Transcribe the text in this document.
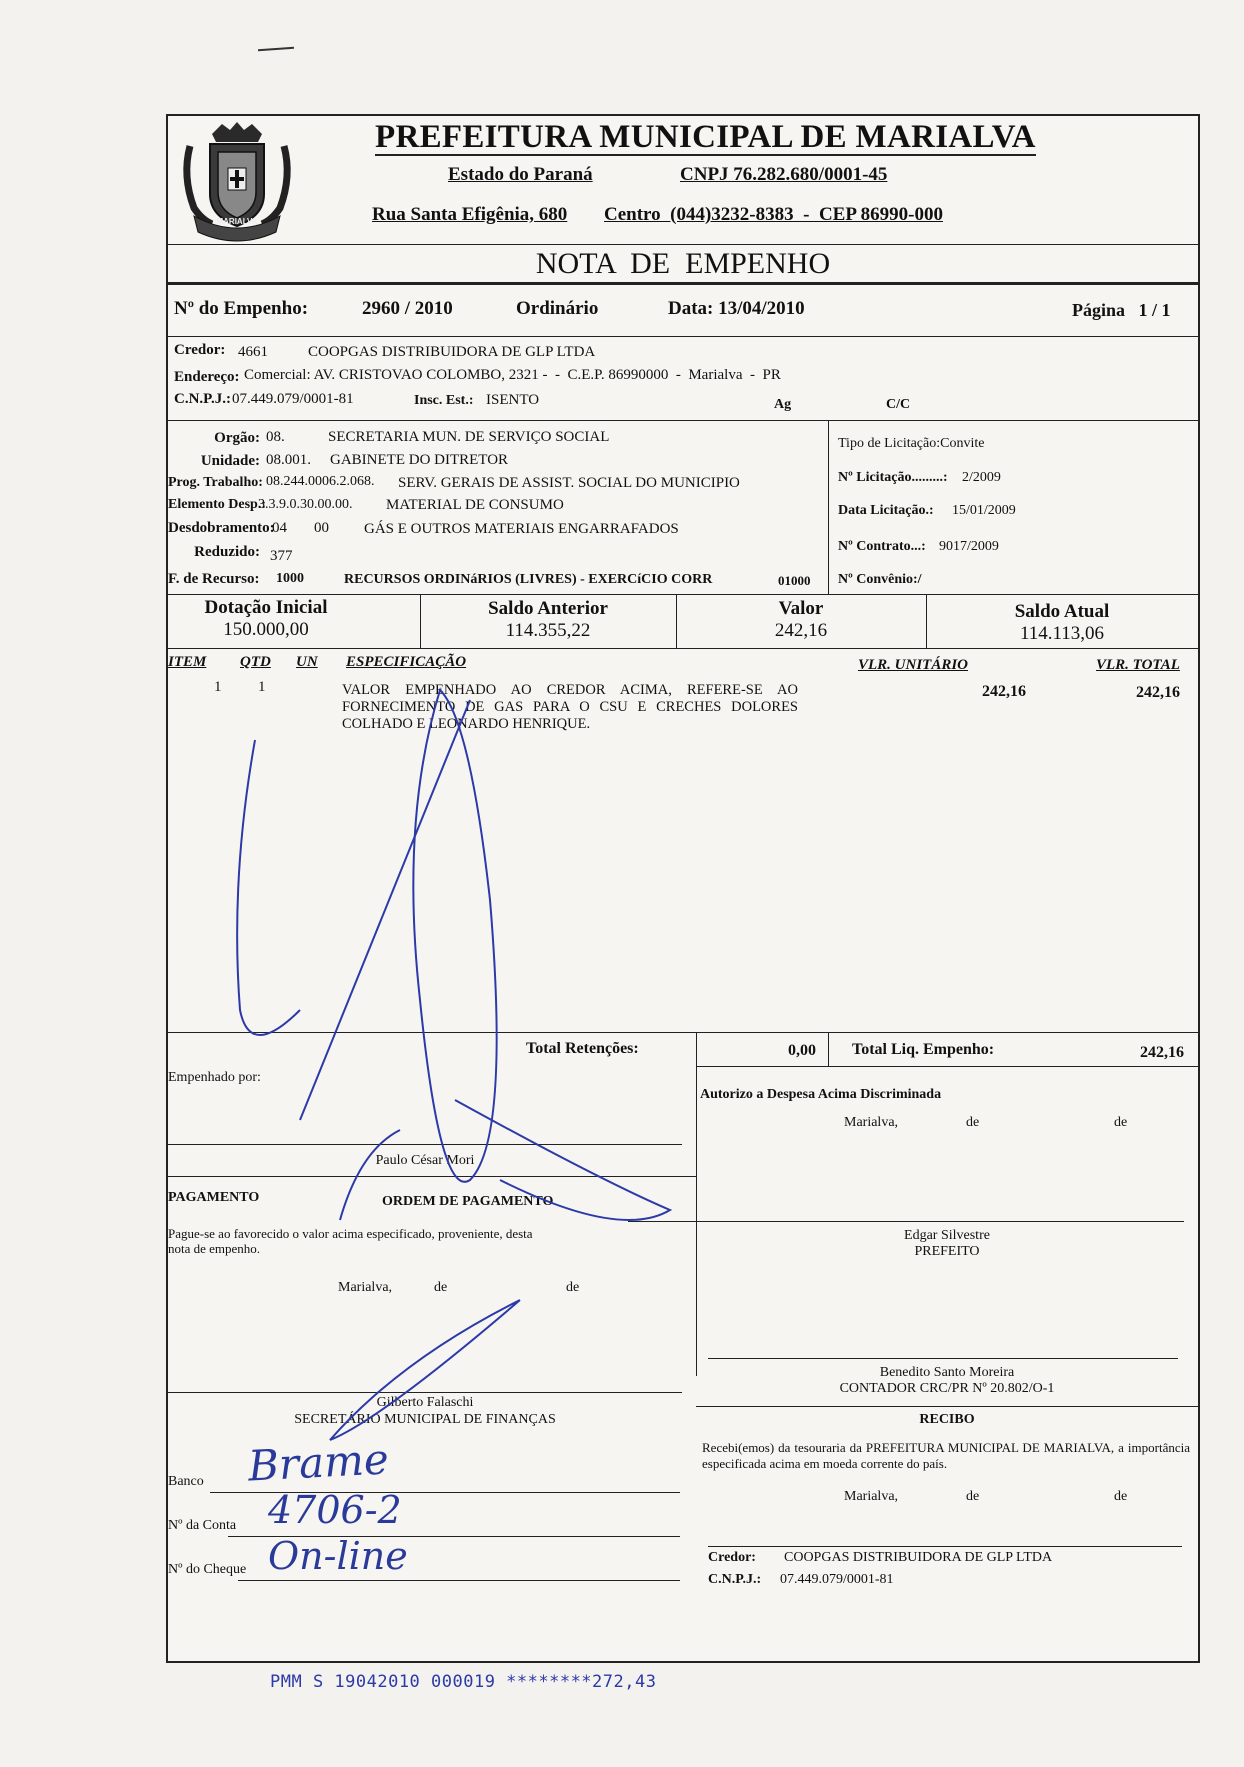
MARIALVA
PREFEITURA MUNICIPAL DE MARIALVA
Estado do Paraná	CNPJ 76.282.680/0001-45
Rua Santa Efigênia, 680 Centro  (044)3232-8383  -  CEP 86990-000
NOTA  DE  EMPENHO
Nº do Empenho:	2960 / 2010	Ordinário	Data: 13/04/2010	Página   1 / 1
Credor: 4661	COOPGAS DISTRIBUIDORA DE GLP LTDA
Endereço: Comercial: AV. CRISTOVAO COLOMBO, 2321 -  -  C.E.P. 86990000  -  Marialva  -  PR
C.N.P.J.: 07.449.079/0001-81	Insc. Est.: ISENTO	Ag	C/C
Orgão: 08.	SECRETARIA MUN. DE SERVIÇO SOCIAL
Unidade: 08.001. GABINETE DO DITRETOR
Prog. Trabalho: 08.244.0006.2.068. SERV. GERAIS DE ASSIST. SOCIAL DO MUNICIPIO
Elemento Desp.:
3.3.9.0.30.00.00. MATERIAL DE CONSUMO
Desdobramento:
04 00 GÁS E OUTROS MATERIAIS ENGARRAFADOS
Reduzido: 377
F. de Recurso: 1000	RECURSOS ORDINáRIOS (LIVRES) - EXERCíCIO CORR	01000
Tipo de Licitação:Convite
Nº Licitação.........: 2/2009
Data Licitação.: 15/01/2009
Nº Contrato...: 9017/2009
Nº Convênio:/
Dotação Inicial
150.000,00
Saldo Anterior
114.355,22
Valor
242,16
Saldo Atual
114.113,06
ITEM QTD UN ESPECIFICAÇÃO	VLR. UNITÁRIO	VLR. TOTAL
1 1	VALOR EMPENHADO AO CREDOR ACIMA, REFERE-SE AO
FORNECIMENTO DE GAS PARA O CSU E CRECHES DOLORES
COLHADO E LEONARDO HENRIQUE.
242,16	242,16
Total Retenções:	0,00 Total Liq. Empenho:	242,16
Empenhado por:
Paulo César Mori
Autorizo a Despesa Acima Discriminada
Marialva,	de	de
PAGAMENTO	ORDEM DE PAGAMENTO
Pague-se ao favorecido o valor acima especificado, proveniente, desta
nota de empenho.
Marialva,	de	de
Gilberto Falaschi
SECRETÁRIO MUNICIPAL DE FINANÇAS
Edgar Silvestre
PREFEITO
Benedito Santo Moreira
CONTADOR CRC/PR Nº 20.802/O-1
RECIBO
Recebi(emos) da tesouraria da PREFEITURA MUNICIPAL DE MARIALVA, a importância especificada acima em moeda corrente do país.
Marialva,	de	de
Credor: COOPGAS DISTRIBUIDORA DE GLP LTDA
C.N.P.J.: 07.449.079/0001-81
Banco Brame
Nº da Conta 4706-2
Nº do Cheque On-line
PMM S 19042010 000019 ********272,43
